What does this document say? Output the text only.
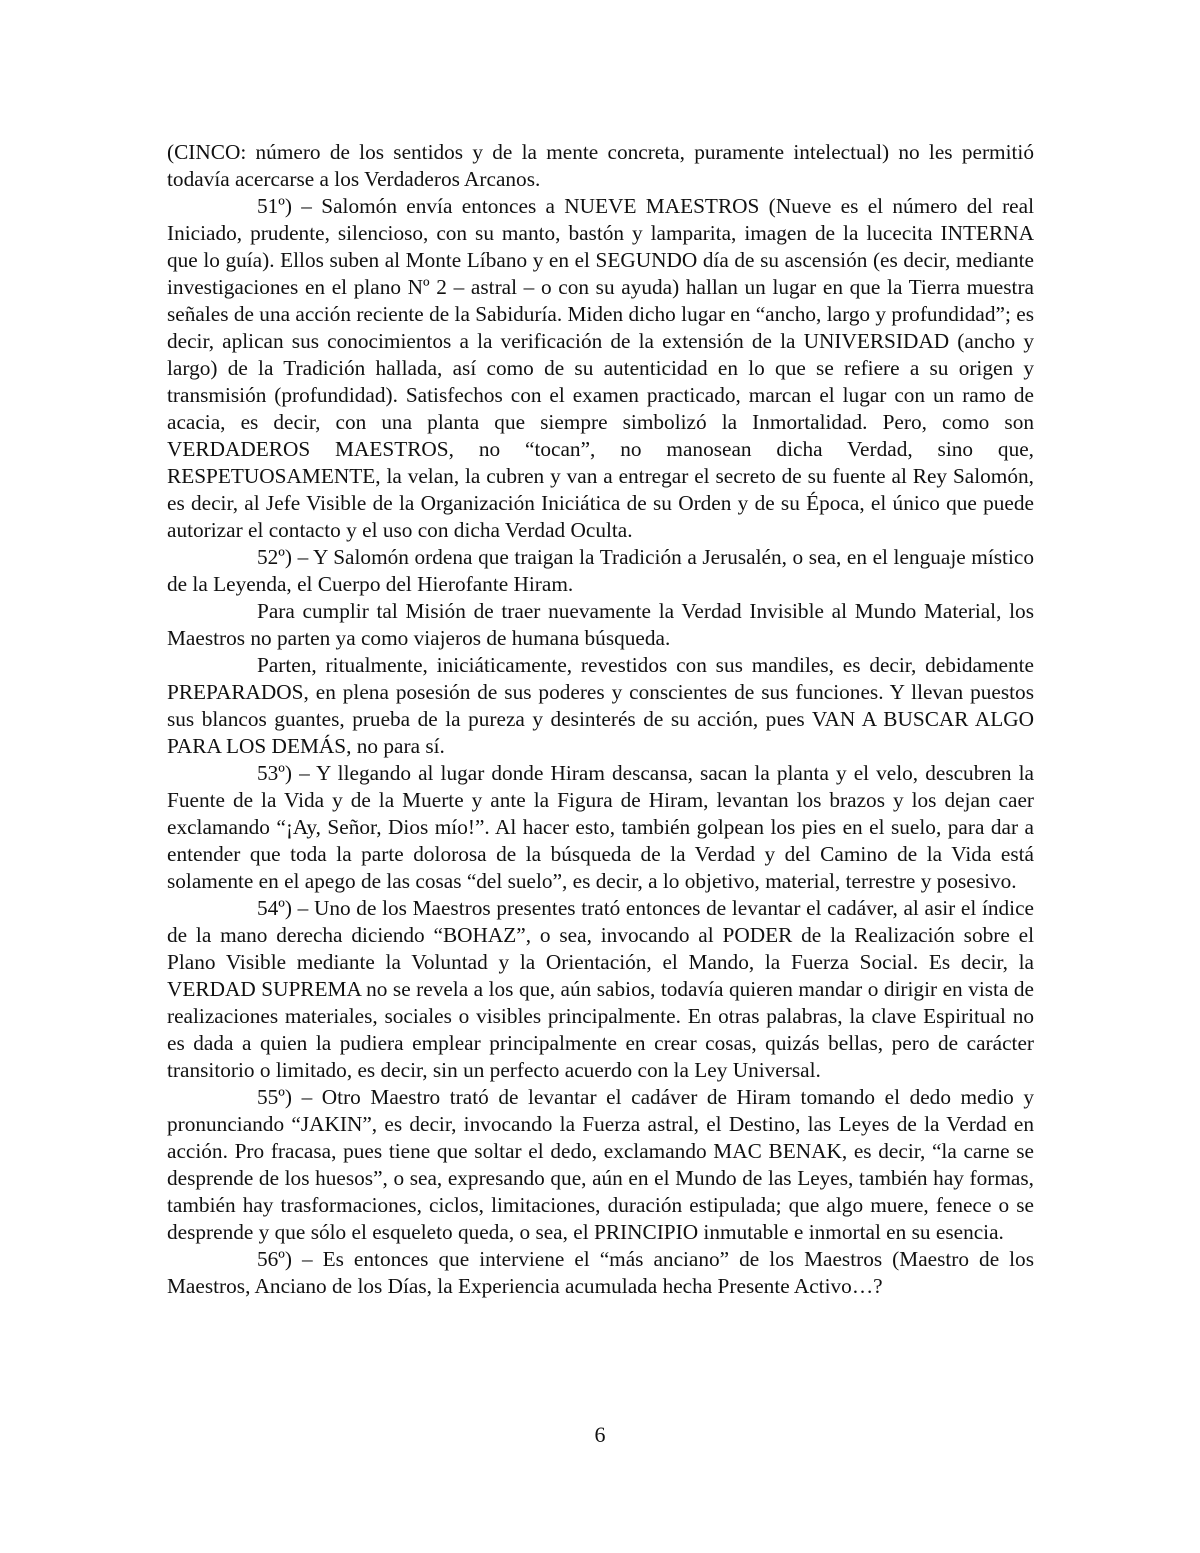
(CINCO: número de los sentidos y de la mente concreta, puramente intelectual) no les permitió todavía acercarse a los Verdaderos Arcanos.

51º) – Salomón envía entonces a NUEVE MAESTROS (Nueve es el número del real Iniciado, prudente, silencioso, con su manto, bastón y lamparita, imagen de la lucecita INTERNA que lo guía). Ellos suben al Monte Líbano y en el SEGUNDO día de su ascensión (es decir, mediante investigaciones en el plano Nº 2 – astral – o con su ayuda) hallan un lugar en que la Tierra muestra señales de una acción reciente de la Sabiduría. Miden dicho lugar en “ancho, largo y profundidad”; es decir, aplican sus conocimientos a la verificación de la extensión de la UNIVERSIDAD (ancho y largo) de la Tradición hallada, así como de su autenticidad en lo que se refiere a su origen y transmisión (profundidad). Satisfechos con el examen practicado, marcan el lugar con un ramo de acacia, es decir, con una planta que siempre simbolizó la Inmortalidad. Pero, como son VERDADEROS MAESTROS, no “tocan”, no manosean dicha Verdad, sino que, RESPETUOSAMENTE, la velan, la cubren y van a entregar el secreto de su fuente al Rey Salomón, es decir, al Jefe Visible de la Organización Iniciática de su Orden y de su Época, el único que puede autorizar el contacto y el uso con dicha Verdad Oculta.

52º) – Y Salomón ordena que traigan la Tradición a Jerusalén, o sea, en el lenguaje místico de la Leyenda, el Cuerpo del Hierofante Hiram.

Para cumplir tal Misión de traer nuevamente la Verdad Invisible al Mundo Material, los Maestros no parten ya como viajeros de humana búsqueda.

Parten, ritualmente, iniciáticamente, revestidos con sus mandiles, es decir, debidamente PREPARADOS, en plena posesión de sus poderes y conscientes de sus funciones. Y llevan puestos sus blancos guantes, prueba de la pureza y desinterés de su acción, pues VAN A BUSCAR ALGO PARA LOS DEMÁS, no para sí.

53º) – Y llegando al lugar donde Hiram descansa, sacan la planta y el velo, descubren la Fuente de la Vida y de la Muerte y ante la Figura de Hiram, levantan los brazos y los dejan caer exclamando “¡Ay, Señor, Dios mío!”. Al hacer esto, también golpean los pies en el suelo, para dar a entender que toda la parte dolorosa de la búsqueda de la Verdad y del Camino de la Vida está solamente en el apego de las cosas “del suelo”, es decir, a lo objetivo, material, terrestre y posesivo.

54º) – Uno de los Maestros presentes trató entonces de levantar el cadáver, al asir el índice de la mano derecha diciendo “BOHAZ”, o sea, invocando al PODER de la Realización sobre el Plano Visible mediante la Voluntad y la Orientación, el Mando, la Fuerza Social. Es decir, la VERDAD SUPREMA no se revela a los que, aún sabios, todavía quieren mandar o dirigir en vista de realizaciones materiales, sociales o visibles principalmente. En otras palabras, la clave Espiritual no es dada a quien la pudiera emplear principalmente en crear cosas, quizás bellas, pero de carácter transitorio o limitado, es decir, sin un perfecto acuerdo con la Ley Universal.

55º) – Otro Maestro trató de levantar el cadáver de Hiram tomando el dedo medio y pronunciando “JAKIN”, es decir, invocando la Fuerza astral, el Destino, las Leyes de la Verdad en acción. Pro fracasa, pues tiene que soltar el dedo, exclamando MAC BENAK, es decir, “la carne se desprende de los huesos”, o sea, expresando que, aún en el Mundo de las Leyes, también hay formas, también hay trasformaciones, ciclos, limitaciones, duración estipulada; que algo muere, fenece o se desprende y que sólo el esqueleto queda, o sea, el PRINCIPIO inmutable e inmortal en su esencia.

56º) – Es entonces que interviene el “más anciano” de los Maestros (Maestro de los Maestros, Anciano de los Días, la Experiencia acumulada hecha Presente Activo…?

6
